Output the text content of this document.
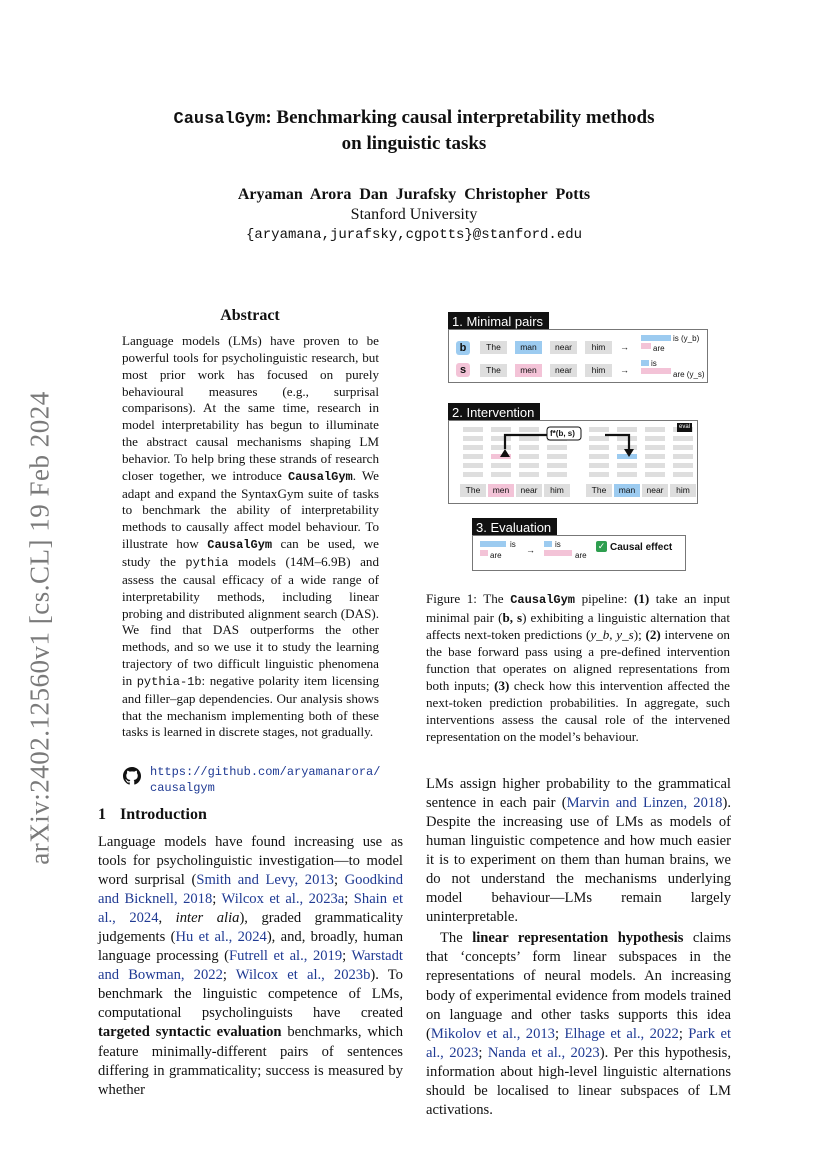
arXiv:2402.12560v1 [cs.CL] 19 Feb 2024
CausalGym: Benchmarking causal interpretability methods
on linguistic tasks
Aryaman Arora Dan Jurafsky Christopher Potts
Stanford University
{aryamana,jurafsky,cgpotts}@stanford.edu
Abstract
Language models (LMs) have proven to be powerful tools for psycholinguistic research, but most prior work has focused on purely behavioural measures (e.g., surprisal comparisons). At the same time, research in model interpretability has begun to illuminate the abstract causal mechanisms shaping LM behavior. To help bring these strands of research closer together, we introduce CausalGym. We adapt and expand the SyntaxGym suite of tasks to benchmark the ability of interpretability methods to causally affect model behaviour. To illustrate how CausalGym can be used, we study the pythia models (14M–6.9B) and assess the causal efficacy of a wide range of interpretability methods, including linear probing and distributed alignment search (DAS). We find that DAS outperforms the other methods, and so we use it to study the learning trajectory of two difficult linguistic phenomena in pythia-1b: negative polarity item licensing and filler–gap dependencies. Our analysis shows that the mechanism implementing both of these tasks is learned in discrete stages, not gradually.
https://github.com/aryamanarora/
causalgym
1 Introduction
Language models have found increasing use as tools for psycholinguistic investigation—to model word surprisal (Smith and Levy, 2013; Goodkind and Bicknell, 2018; Wilcox et al., 2023a; Shain et al., 2024, inter alia), graded grammaticality judgements (Hu et al., 2024), and, broadly, human language processing (Futrell et al., 2019; Warstadt and Bowman, 2022; Wilcox et al., 2023b). To benchmark the linguistic competence of LMs, computational psycholinguists have created targeted syntactic evaluation benchmarks, which feature minimally-different pairs of sentences differing in grammaticality; success is measured by whether
1. Minimal pairs
b	The	man	near	him	→
is (y_b)
are
s	The	men	near	him	→
is
are (y_s)
2. Intervention
f*(b, s)
eval
The	men	near	him	The	man	near	him
3. Evaluation
is
are
→
is
are
✓ Causal effect
Figure 1: The CausalGym pipeline: (1) take an input minimal pair (b, s) exhibiting a linguistic alternation that affects next-token predictions (y_b, y_s); (2) intervene on the base forward pass using a pre-defined intervention function that operates on aligned representations from both inputs; (3) check how this intervention affected the next-token prediction probabilities. In aggregate, such interventions assess the causal role of the intervened representation on the model’s behaviour.

LMs assign higher probability to the grammatical sentence in each pair (Marvin and Linzen, 2018). Despite the increasing use of LMs as models of human linguistic competence and how much easier it is to experiment on them than human brains, we do not understand the mechanisms underlying model behaviour—LMs remain largely uninterpretable.

The linear representation hypothesis claims that ‘concepts’ form linear subspaces in the representations of neural models. An increasing body of experimental evidence from models trained on language and other tasks supports this idea (Mikolov et al., 2013; Elhage et al., 2022; Park et al., 2023; Nanda et al., 2023). Per this hypothesis, information about high-level linguistic alternations should be localised to linear subspaces of LM activations.
